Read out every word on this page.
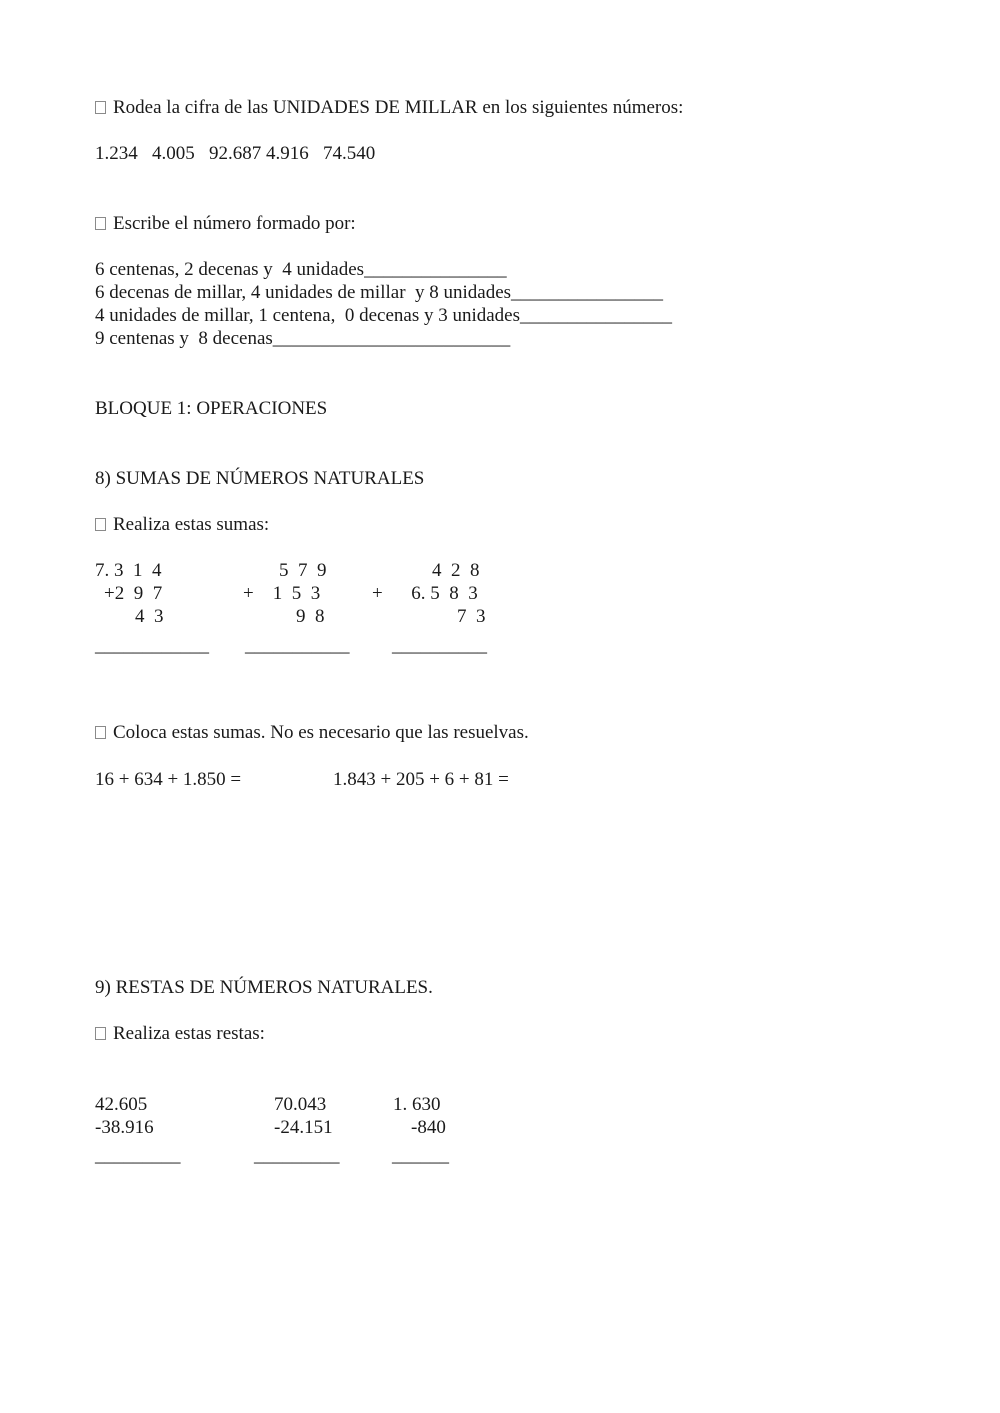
Rodea la cifra de las UNIDADES DE MILLAR en los siguientes números:
1.234   4.005   92.687 4.916   74.540
Escribe el número formado por:
6 centenas, 2 decenas y  4 unidades_______________
6 decenas de millar, 4 unidades de millar  y 8 unidades________________
4 unidades de millar, 1 centena,  0 decenas y 3 unidades________________
9 centenas y  8 decenas_________________________
BLOQUE 1: OPERACIONES
8) SUMAS DE NÚMEROS NATURALES
Realiza estas sumas:
7. 3  1  4
+2  9  7
4  3
____________
5  7  9
+    1  5  3
9  8
___________
4  2  8
+      6. 5  8  3
7  3
__________
Coloca estas sumas. No es necesario que las resuelvas.
16 + 634 + 1.850 =	1.843 + 205 + 6 + 81 =
9) RESTAS DE NÚMEROS NATURALES.
Realiza estas restas:
42.605
-38.916
_________
70.043
-24.151
_________
1. 630
-840
______
